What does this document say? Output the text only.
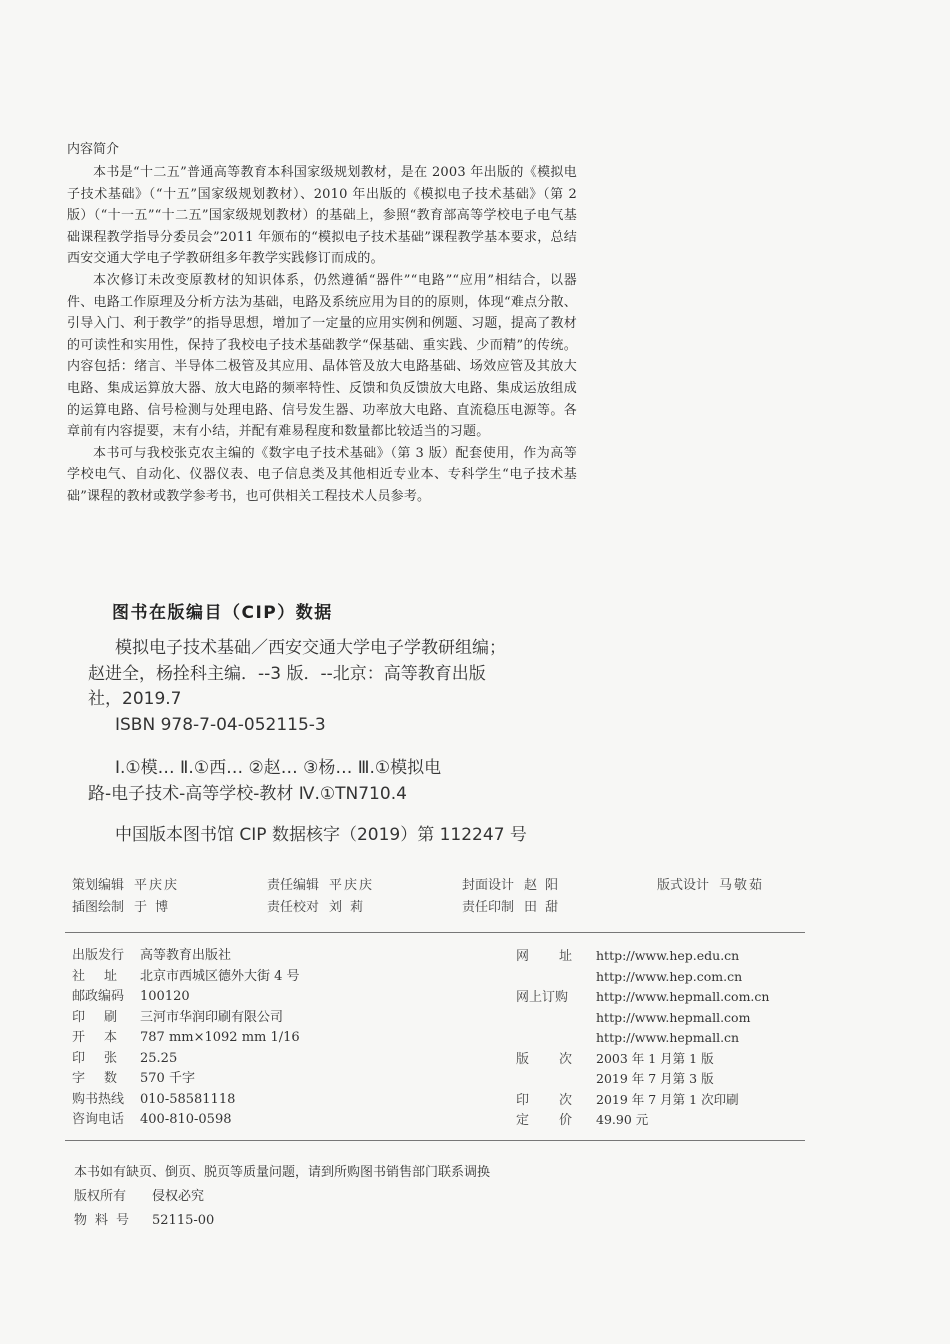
内容简介

本书是“十二五”普通高等教育本科国家级规划教材，是在 2003 年出版的《模拟电子技术基础》（“十五”国家级规划教材）、2010 年出版的《模拟电子技术基础》（第 2 版）（“十一五”“十二五”国家级规划教材）的基础上，参照“教育部高等学校电子电气基础课程教学指导分委员会”2011 年颁布的“模拟电子技术基础”课程教学基本要求，总结西安交通大学电子学教研组多年教学实践修订而成的。

本次修订未改变原教材的知识体系，仍然遵循“器件”“电路”“应用”相结合，以器件、电路工作原理及分析方法为基础，电路及系统应用为目的的原则，体现“难点分散、引导入门、利于教学”的指导思想，增加了一定量的应用实例和例题、习题，提高了教材的可读性和实用性，保持了我校电子技术基础教学“保基础、重实践、少而精”的传统。内容包括：绪言、半导体二极管及其应用、晶体管及放大电路基础、场效应管及其放大电路、集成运算放大器、放大电路的频率特性、反馈和负反馈放大电路、集成运放组成的运算电路、信号检测与处理电路、信号发生器、功率放大电路、直流稳压电源等。各章前有内容提要，末有小结，并配有难易程度和数量都比较适当的习题。

本书可与我校张克农主编的《数字电子技术基础》（第 3 版）配套使用，作为高等学校电气、自动化、仪器仪表、电子信息类及其他相近专业本、专科学生“电子技术基础”课程的教材或教学参考书，也可供相关工程技术人员参考。

图书在版编目（CIP）数据
模拟电子技术基础／西安交通大学电子学教研组编；
赵进全，杨拴科主编．--3 版．--北京：高等教育出版
社，2019.7
ISBN 978-7-04-052115-3
Ⅰ.①模… Ⅱ.①西… ②赵… ③杨… Ⅲ.①模拟电
路-电子技术-高等学校-教材 Ⅳ.①TN710.4
中国版本图书馆 CIP 数据核字（2019）第 112247 号
策划编辑 平庆庆	责任编辑 平庆庆	封面设计 赵 阳	版式设计 马敬茹
插图绘制 于 博	责任校对 刘 莉	责任印制 田 甜
出版发行 高等教育出版社
社址 北京市西城区德外大街 4 号
邮政编码 100120
印刷 三河市华润印刷有限公司
开本 787 mm×1092 mm 1/16
印张 25.25
字数 570 千字
购书热线 010-58581118
咨询电话 400-810-0598
网址http://www.hep.edu.cn
http://www.hep.com.cn
网上订购 http://www.hepmall.com.cn
http://www.hepmall.com
http://www.hepmall.cn
版次2003 年 1 月第 1 版
2019 年 7 月第 3 版
印次2019 年 7 月第 1 次印刷
定价49.90 元
本书如有缺页、倒页、脱页等质量问题，请到所购图书销售部门联系调换
版权所有 侵权必究
物料号 52115-00
